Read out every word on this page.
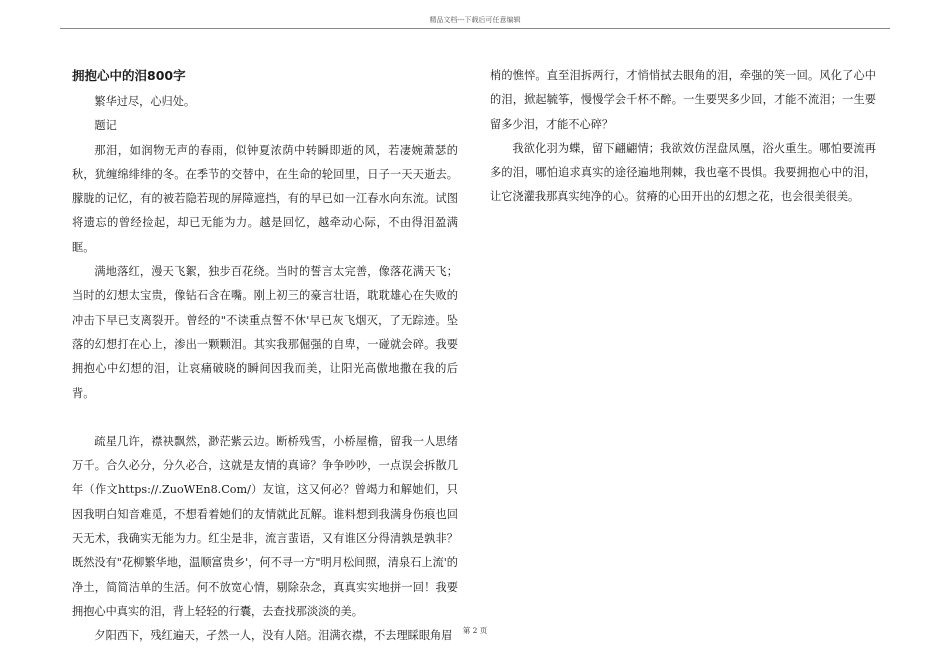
精品文档---下载后可任意编辑
拥抱心中的泪800字

繁华过尽，心归处。

题记

那泪，如润物无声的春雨，似钟夏浓荫中转瞬即逝的风，若凄婉萧瑟的秋，犹缠绵绯绯的冬。在季节的交替中，在生命的轮回里，日子一天天逝去。朦胧的记忆，有的被若隐若现的屏障遮挡，有的早已如一江春水向东流。试图将遗忘的曾经捡起，却已无能为力。越是回忆，越牵动心际，不由得泪盈满眶。

满地落红，漫天飞絮，独步百花绕。当时的誓言太完善，像落花满天飞；当时的幻想太宝贵，像钻石含在嘴。刚上初三的豪言壮语，耽耽雄心在失败的冲击下早已支离裂开。曾经的"不读重点誓不休'早已灰飞烟灭，了无踪迹。坠落的幻想打在心上，渗出一颗颗泪。其实我那倔强的自卑，一碰就会碎。我要拥抱心中幻想的泪，让哀痛破晓的瞬间因我而美，让阳光高傲地撒在我的后背。

疏星几许，襟袂飘然，渺茫紫云边。断桥残雪，小桥屋檐，留我一人思绪万千。合久必分，分久必合，这就是友情的真谛？争争吵吵，一点误会拆散几年（作文https://.ZuoWEn8.Com/）友谊，这又何必？曾竭力和解她们，只因我明白知音难觅，不想看着她们的友情就此瓦解。谁料想到我满身伤痕也回天无术，我确实无能为力。红尘是非，流言蜚语，又有谁区分得清孰是孰非？既然没有"花柳繁华地，温顺富贵乡'，何不寻一方"明月松间照，清泉石上流'的净土，简简洁单的生活。何不放宽心情，剔除杂念，真真实实地拼一回！我要拥抱心中真实的泪，背上轻轻的行囊，去查找那淡淡的美。

夕阳西下，残红遍天，孑然一人，没有人陪。泪满衣襟，不去理睬眼角眉

梢的憔悴。直至泪拆两行，才悄悄拭去眼角的泪，牵强的笑一回。风化了心中的泪，掀起毓筝，慢慢学会千杯不醉。一生要哭多少回，才能不流泪；一生要留多少泪，才能不心碎？

我欲化羽为蝶，留下翩翩情；我欲效仿涅盘凤凰，浴火重生。哪怕要流再多的泪，哪怕追求真实的途径遍地荆棘，我也毫不畏惧。我要拥抱心中的泪，让它浇灌我那真实纯净的心。贫瘠的心田开出的幻想之花，也会很美很美。

第 2 页
